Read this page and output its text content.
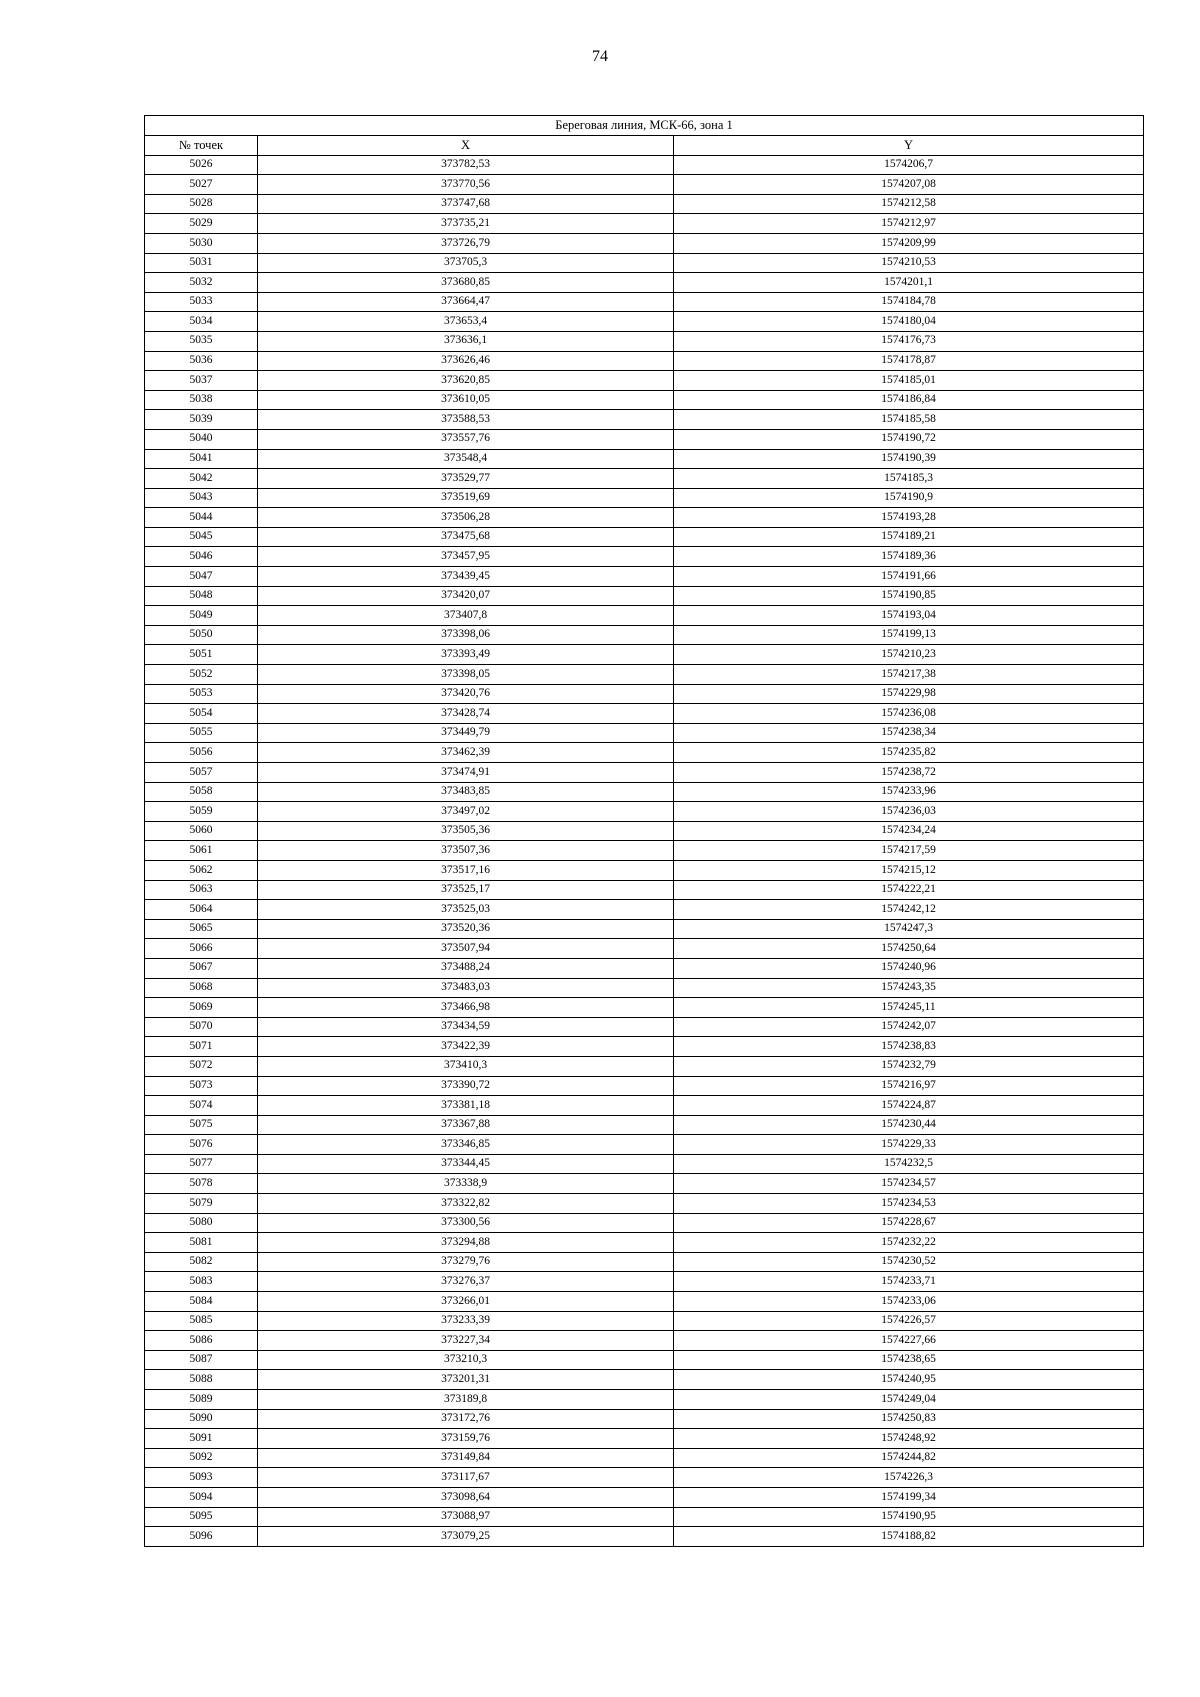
74
Береговая линия, МСК-66, зона 1		
№ точек	X	Y
5026	373782,53	1574206,7
5027	373770,56	1574207,08
5028	373747,68	1574212,58
5029	373735,21	1574212,97
5030	373726,79	1574209,99
5031	373705,3	1574210,53
5032	373680,85	1574201,1
5033	373664,47	1574184,78
5034	373653,4	1574180,04
5035	373636,1	1574176,73
5036	373626,46	1574178,87
5037	373620,85	1574185,01
5038	373610,05	1574186,84
5039	373588,53	1574185,58
5040	373557,76	1574190,72
5041	373548,4	1574190,39
5042	373529,77	1574185,3
5043	373519,69	1574190,9
5044	373506,28	1574193,28
5045	373475,68	1574189,21
5046	373457,95	1574189,36
5047	373439,45	1574191,66
5048	373420,07	1574190,85
5049	373407,8	1574193,04
5050	373398,06	1574199,13
5051	373393,49	1574210,23
5052	373398,05	1574217,38
5053	373420,76	1574229,98
5054	373428,74	1574236,08
5055	373449,79	1574238,34
5056	373462,39	1574235,82
5057	373474,91	1574238,72
5058	373483,85	1574233,96
5059	373497,02	1574236,03
5060	373505,36	1574234,24
5061	373507,36	1574217,59
5062	373517,16	1574215,12
5063	373525,17	1574222,21
5064	373525,03	1574242,12
5065	373520,36	1574247,3
5066	373507,94	1574250,64
5067	373488,24	1574240,96
5068	373483,03	1574243,35
5069	373466,98	1574245,11
5070	373434,59	1574242,07
5071	373422,39	1574238,83
5072	373410,3	1574232,79
5073	373390,72	1574216,97
5074	373381,18	1574224,87
5075	373367,88	1574230,44
5076	373346,85	1574229,33
5077	373344,45	1574232,5
5078	373338,9	1574234,57
5079	373322,82	1574234,53
5080	373300,56	1574228,67
5081	373294,88	1574232,22
5082	373279,76	1574230,52
5083	373276,37	1574233,71
5084	373266,01	1574233,06
5085	373233,39	1574226,57
5086	373227,34	1574227,66
5087	373210,3	1574238,65
5088	373201,31	1574240,95
5089	373189,8	1574249,04
5090	373172,76	1574250,83
5091	373159,76	1574248,92
5092	373149,84	1574244,82
5093	373117,67	1574226,3
5094	373098,64	1574199,34
5095	373088,97	1574190,95
5096	373079,25	1574188,82
